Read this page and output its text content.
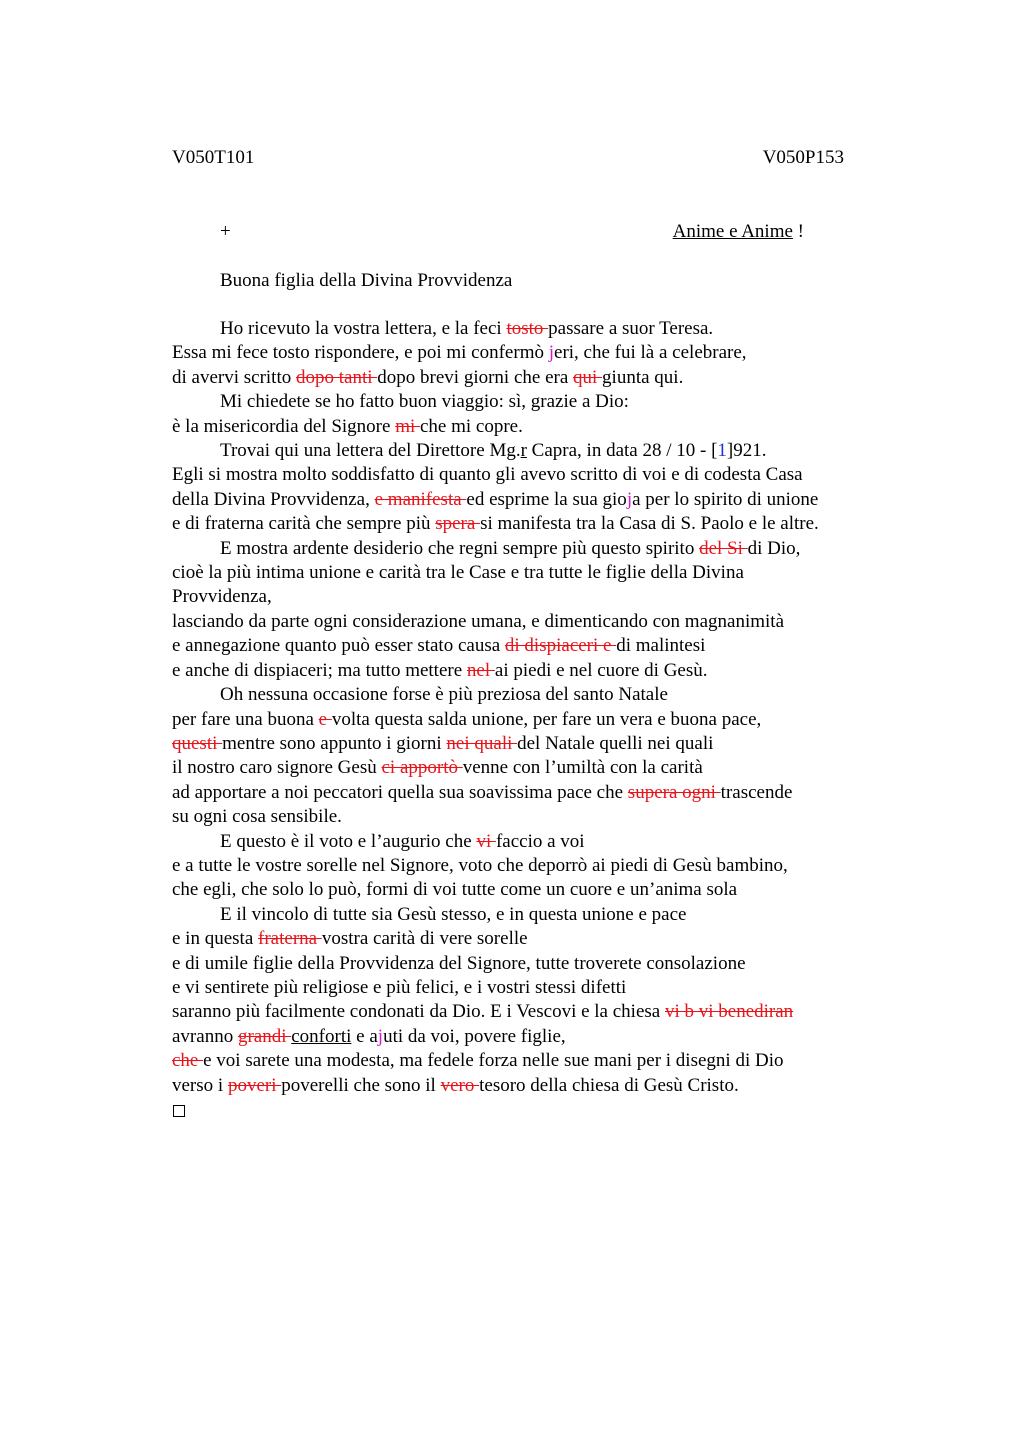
V050T101	V050P153
+	Anime e Anime !
Buona figlia della Divina Provvidenza
Ho ricevuto la vostra lettera, e la feci tosto passare a suor Teresa.
Essa mi fece tosto rispondere, e poi mi confermò jeri, che fui là a celebrare,
di avervi scritto dopo tanti dopo brevi giorni che era qui giunta qui.
Mi chiedete se ho fatto buon viaggio: sì, grazie a Dio:
è la misericordia del Signore mi che mi copre.
Trovai qui una lettera del Direttore Mg.r Capra, in data 28 / 10 - [1]921.
Egli si mostra molto soddisfatto di quanto gli avevo scritto di voi e di codesta Casa
della Divina Provvidenza, e manifesta ed esprime la sua gioja per lo spirito di unione
e di fraterna carità che sempre più spera si manifesta tra la Casa di S. Paolo e le altre.
E mostra ardente desiderio che regni sempre più questo spirito del Si di Dio,
cioè la più intima unione e carità tra le Case e tra tutte le figlie della Divina
Provvidenza,
lasciando da parte ogni considerazione umana, e dimenticando con magnanimità
e annegazione quanto può esser stato causa di dispiaceri e di malintesi
e anche di dispiaceri; ma tutto mettere nel ai piedi e nel cuore di Gesù.
Oh nessuna occasione forse è più preziosa del santo Natale
per fare una buona e volta questa salda unione, per fare un vera e buona pace,
questi mentre sono appunto i giorni nei quali del Natale quelli nei quali
il nostro caro signore Gesù ci apportò venne con l’umiltà con la carità
ad apportare a noi peccatori quella sua soavissima pace che supera ogni trascende
su ogni cosa sensibile.
E questo è il voto e l’augurio che vi faccio a voi
e a tutte le vostre sorelle nel Signore, voto che deporrò ai piedi di Gesù bambino,
che egli, che solo lo può, formi di voi tutte come un cuore e un’anima sola
E il vincolo di tutte sia Gesù stesso, e in questa unione e pace
e in questa fraterna vostra carità di vere sorelle
e di umile figlie della Provvidenza del Signore, tutte troverete consolazione
e vi sentirete più religiose e più felici, e i vostri stessi difetti
saranno più facilmente condonati da Dio. E i Vescovi e la chiesa vi b vi benediran
avranno grandi conforti e ajuti da voi, povere figlie,
che e voi sarete una modesta, ma fedele forza nelle sue mani per i disegni di Dio
verso i poveri poverelli che sono il vero tesoro della chiesa di Gesù Cristo.
